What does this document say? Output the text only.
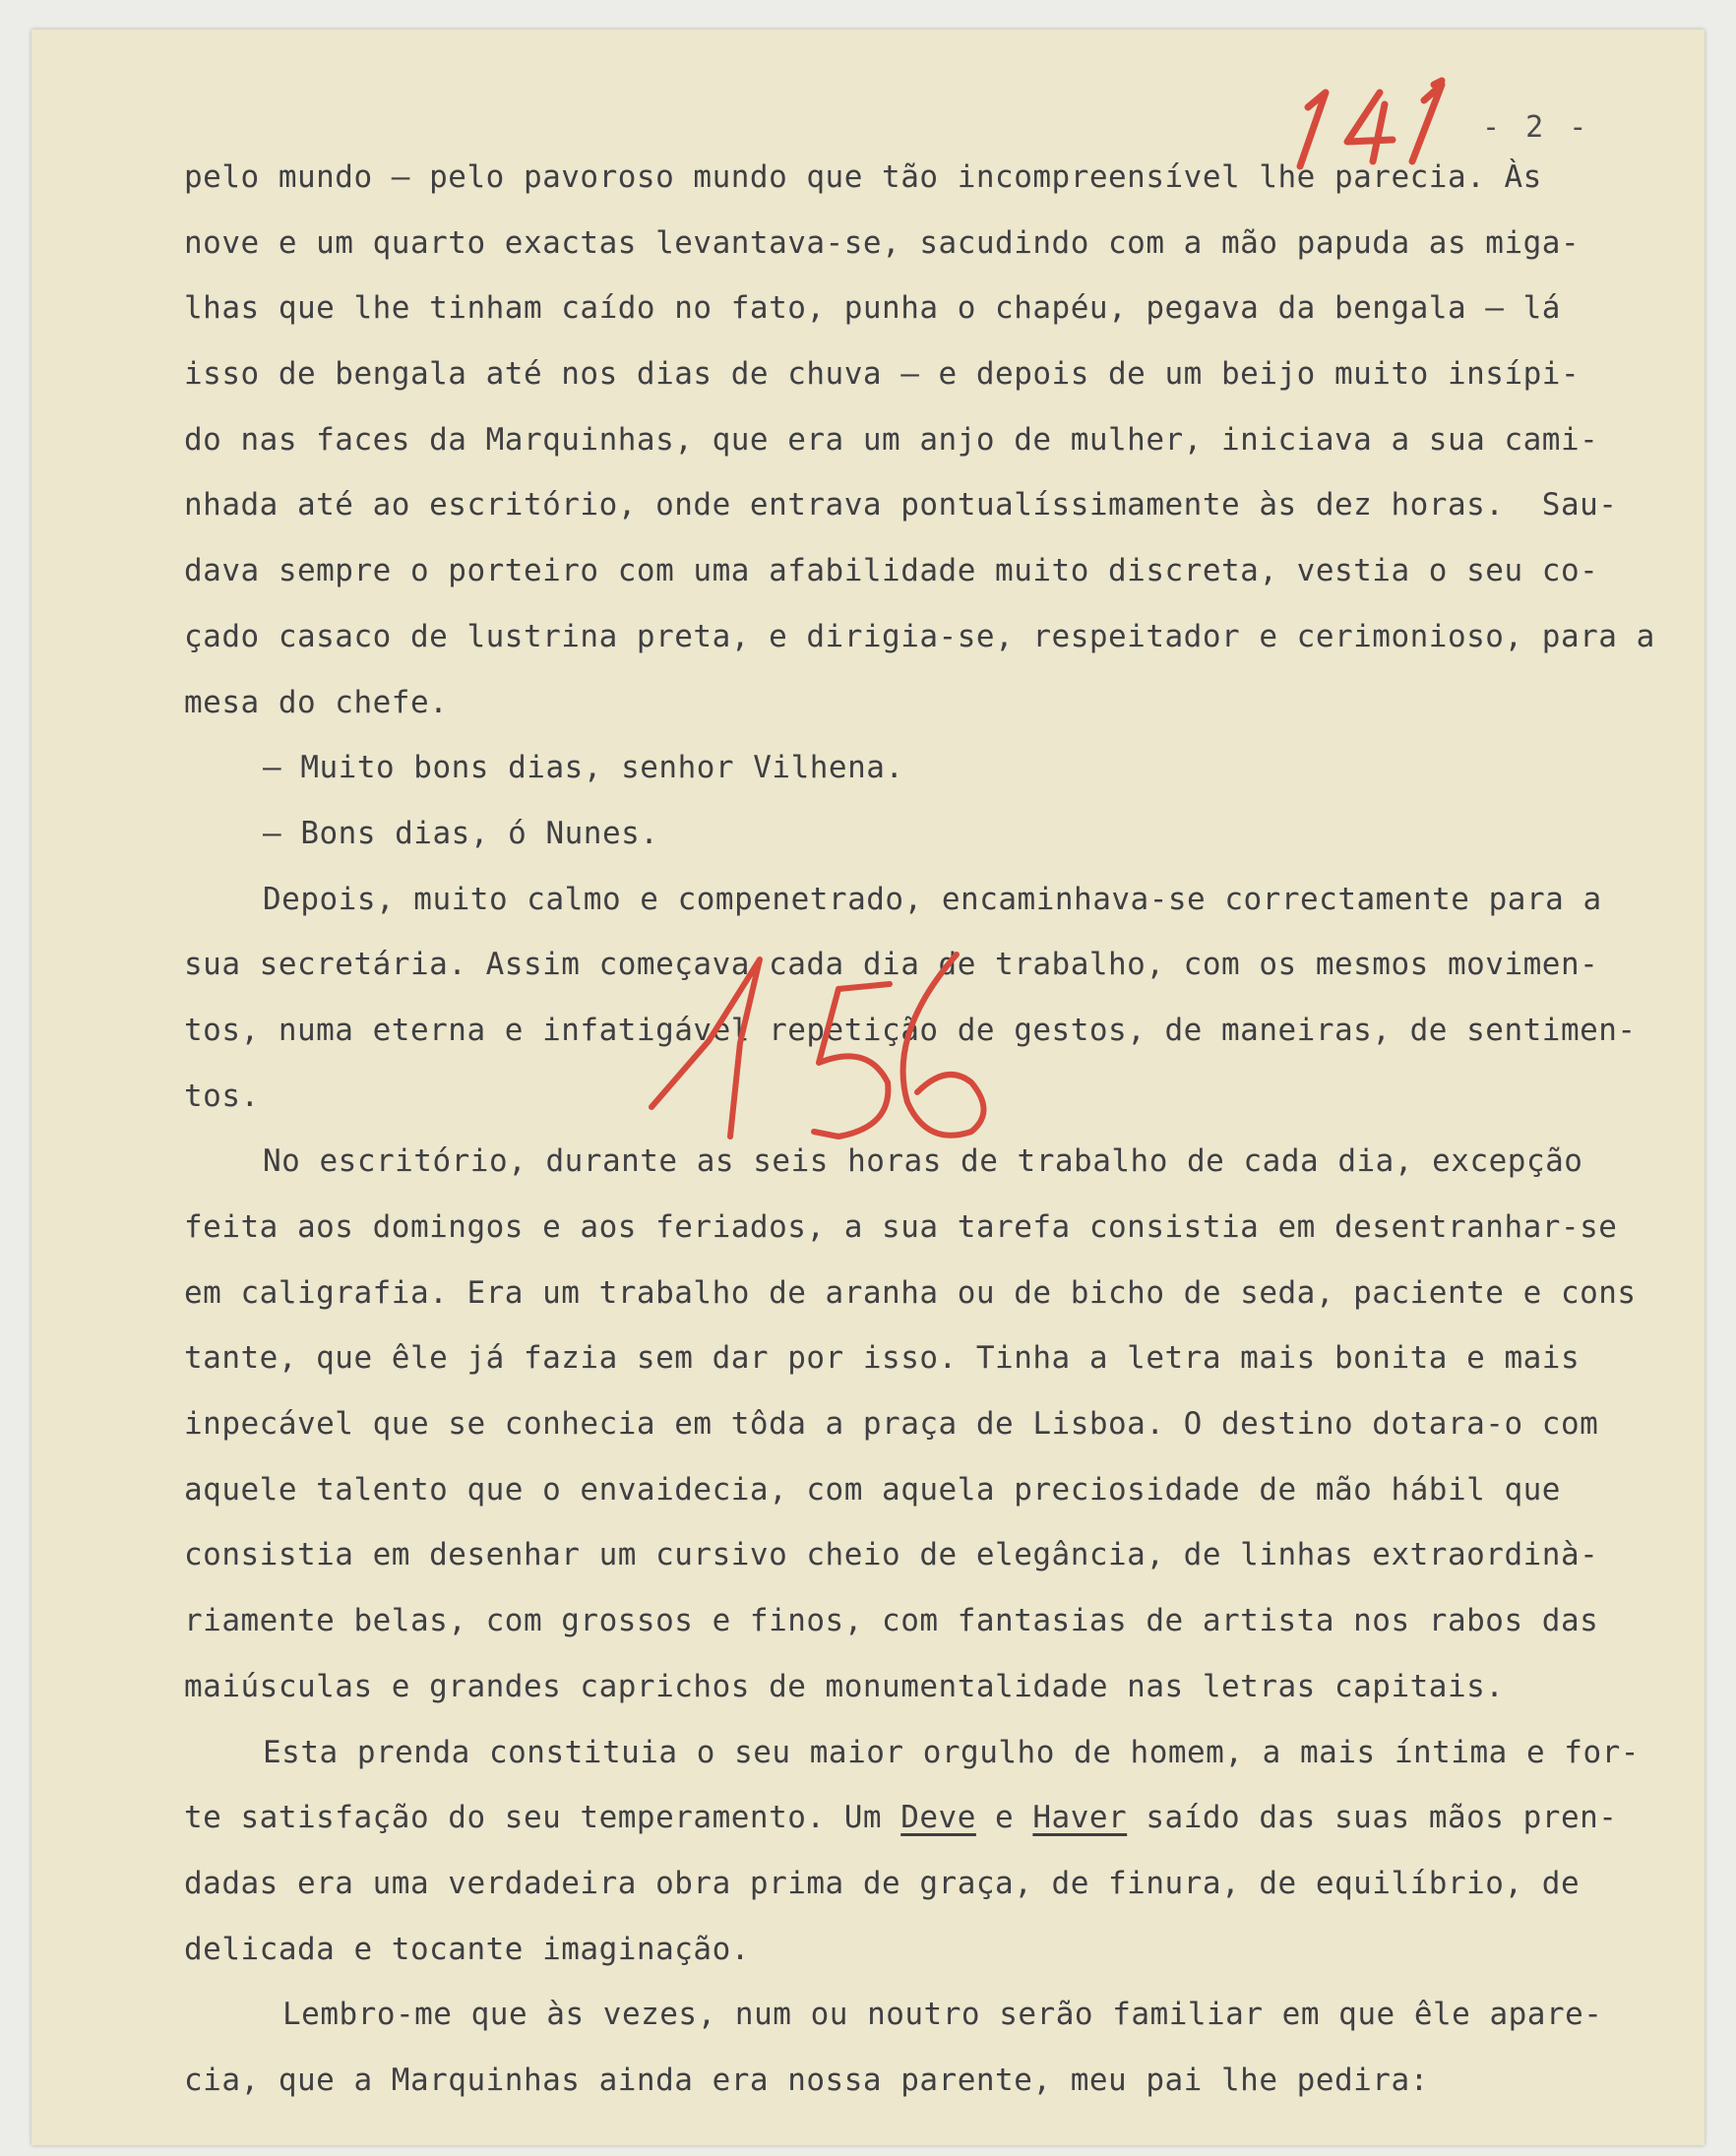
- 2 -
pelo mundo — pelo pavoroso mundo que tão incompreensível lhe parecia. Às
nove e um quarto exactas levantava-se, sacudindo com a mão papuda as miga-
lhas que lhe tinham caído no fato, punha o chapéu, pegava da bengala — lá
isso de bengala até nos dias de chuva — e depois de um beijo muito insípi-
do nas faces da Marquinhas, que era um anjo de mulher, iniciava a sua cami-
nhada até ao escritório, onde entrava pontualíssimamente às dez horas.  Sau-
dava sempre o porteiro com uma afabilidade muito discreta, vestia o seu co-
çado casaco de lustrina preta, e dirigia-se, respeitador e cerimonioso, para a
mesa do chefe.
— Muito bons dias, senhor Vilhena.
— Bons dias, ó Nunes.
Depois, muito calmo e compenetrado, encaminhava-se correctamente para a
sua secretária. Assim começava cada dia de trabalho, com os mesmos movimen-
tos, numa eterna e infatigável repetição de gestos, de maneiras, de sentimen-
tos.
No escritório, durante as seis horas de trabalho de cada dia, excepção
feita aos domingos e aos feriados, a sua tarefa consistia em desentranhar-se
em caligrafia. Era um trabalho de aranha ou de bicho de seda, paciente e cons
tante, que êle já fazia sem dar por isso. Tinha a letra mais bonita e mais
inpecável que se conhecia em tôda a praça de Lisboa. O destino dotara-o com
aquele talento que o envaidecia, com aquela preciosidade de mão hábil que
consistia em desenhar um cursivo cheio de elegância, de linhas extraordinà-
riamente belas, com grossos e finos, com fantasias de artista nos rabos das
maiúsculas e grandes caprichos de monumentalidade nas letras capitais.
Esta prenda constituia o seu maior orgulho de homem, a mais íntima e for-
te satisfação do seu temperamento. Um Deve e Haver saído das suas mãos pren-
dadas era uma verdadeira obra prima de graça, de finura, de equilíbrio, de
delicada e tocante imaginação.
Lembro-me que às vezes, num ou noutro serão familiar em que êle apare-
cia, que a Marquinhas ainda era nossa parente, meu pai lhe pedira:
